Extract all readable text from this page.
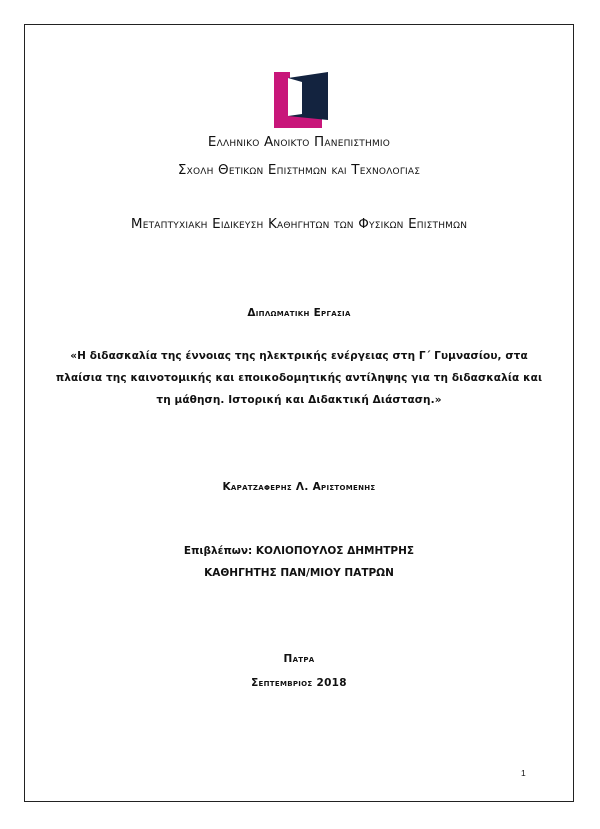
Ελληνικο Ανοικτο Πανεπιστημιο
Σχολη Θετικων Επιστημων και Τεχνολογιας
Μεταπτυχιακη Ειδικευση Καθηγητων των Φυσικων Επιστημων
Διπλωματικη Εργασια
«Η διδασκαλία της έννοιας της ηλεκτρικής ενέργειας στη Γ΄ Γυμνασίου, στα
πλαίσια της καινοτομικής και εποικοδομητικής αντίληψης για τη διδασκαλία και
τη μάθηση. Ιστορική και Διδακτική Διάσταση.»
Καρατζαφερης Λ. Αριστομενης
Επιβλέπων: ΚΟΛΙΟΠΟΥΛΟΣ ΔΗΜΗΤΡΗΣ
ΚΑΘΗΓΗΤΗΣ ΠΑΝ/ΜΙΟΥ ΠΑΤΡΩΝ
Πατρα
Σεπτεμβριος 2018
1
